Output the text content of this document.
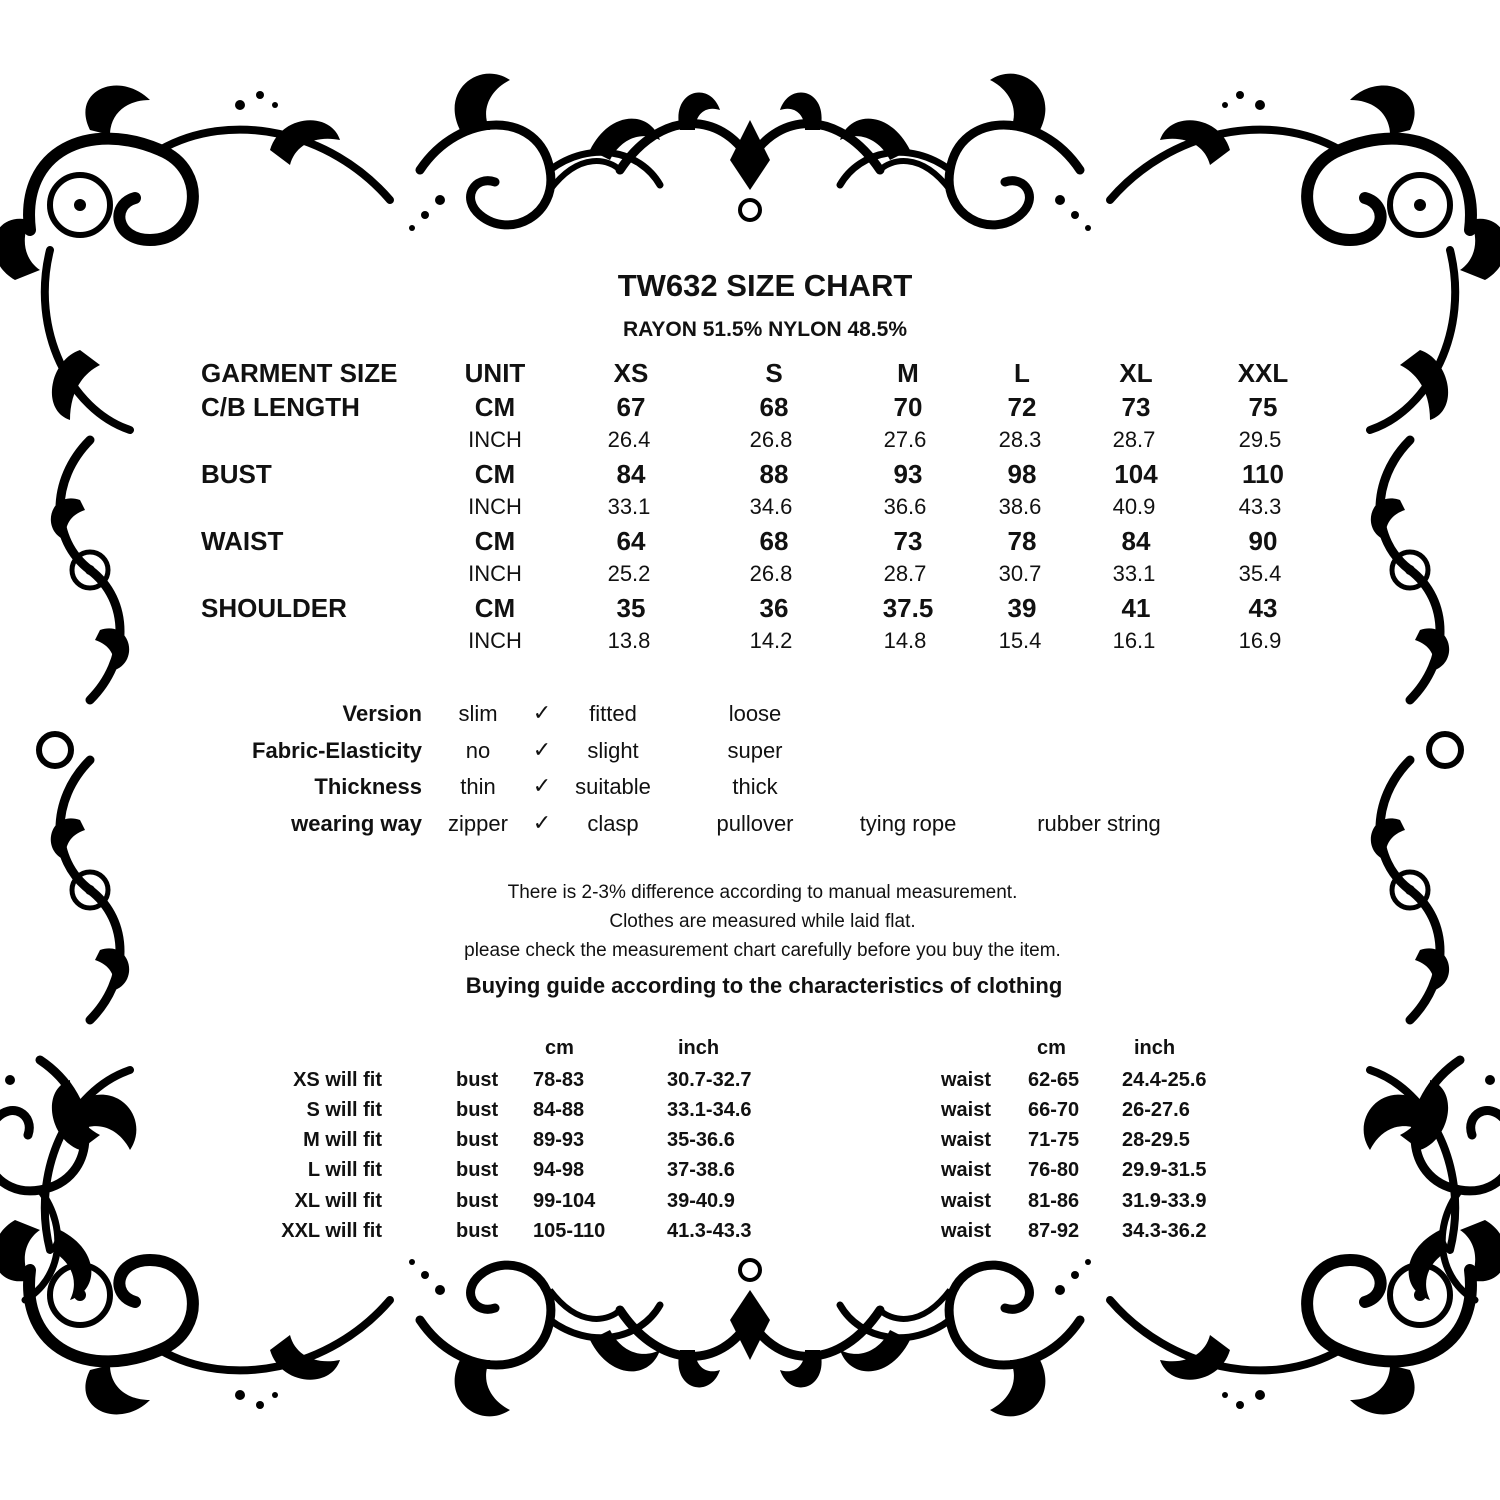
TW632 SIZE CHART
RAYON 51.5% NYLON 48.5%
GARMENT SIZE	UNIT	XS	S	M	L	XL	XXL
C/B LENGTH	CM	67	68	70	72	73	75
INCH	26.4	26.8	27.6	28.3	28.7	29.5
BUST	CM	84	88	93	98	104	110
INCH	33.1	34.6	36.6	38.6	40.9	43.3
WAIST	CM	64	68	73	78	84	90
INCH	25.2	26.8	28.7	30.7	33.1	35.4
SHOULDER	CM	35	36	37.5	39	41	43
INCH	13.8	14.2	14.8	15.4	16.1	16.9
Version	slim	✓	fitted	loose
Fabric-Elasticity	no	✓	slight	super
Thickness	thin	✓	suitable	thick
wearing way	zipper	✓	clasp	pullover	tying rope	rubber string
There is 2-3% difference according to manual measurement.
Clothes are measured while laid flat.
please check the measurement chart carefully before you buy the item.
Buying guide according to the characteristics of clothing
cm	inch	cm	inch
XS will fit	bust 78-83	30.7-32.7	waist 62-65 24.4-25.6
S will fit	bust 84-88	33.1-34.6	waist 66-70 26-27.6
M will fit	bust 89-93	35-36.6	waist 71-75 28-29.5
L will fit	bust 94-98	37-38.6	waist 76-80 29.9-31.5
XL will fit	bust 99-104	39-40.9	waist 81-86 31.9-33.9
XXL will fit	bust 105-110	41.3-43.3	waist 87-92 34.3-36.2
